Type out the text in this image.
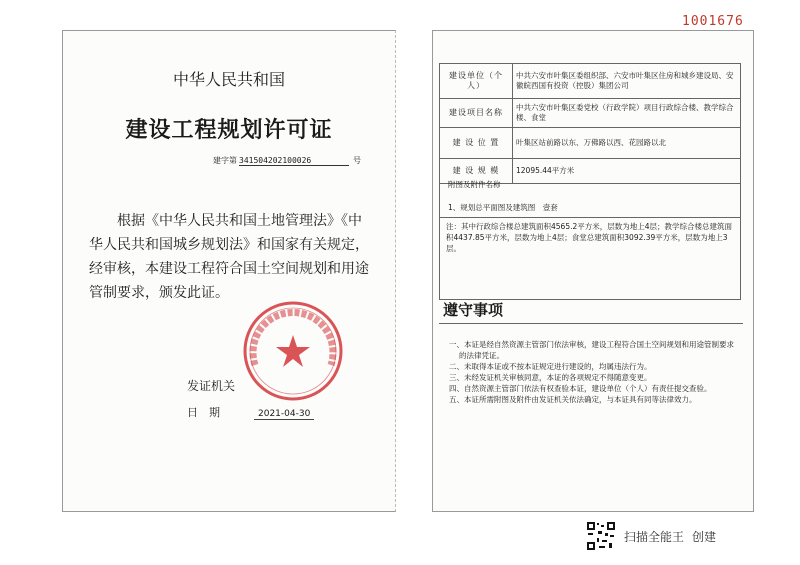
1001676
中华人民共和国
建设工程规划许可证
建字第 341504202100026	号
根据《中华人民共和国土地管理法》《中华人民共和国城乡规划法》和国家有关规定，经审核，本建设工程符合国土空间规划和用途管制要求，颁发此证。
发证机关
日　期	2021-04-30
建设单位（个人）	中共六安市叶集区委组织部、六安市叶集区住房和城乡建设局、安徽皖西国有投资（控股）集团公司
建设项目名称	中共六安市叶集区委党校（行政学院）项目行政综合楼、教学综合楼、食堂
建 设 位 置	叶集区站前路以东、万佛路以西、花园路以北
建 设 规 模	12095.44平方米
附图及附件名称
1、规划总平面图及建筑图　壹套
注：其中行政综合楼总建筑面积4565.2平方米，层数为地上4层；教学综合楼总建筑面积4437.85平方米，层数为地上4层；食堂总建筑面积3092.39平方米，层数为地上3层。
遵守事项
一、本证是经自然资源主管部门依法审核，建设工程符合国土空间规划和用途管制要求的法律凭证。
二、未取得本证或不按本证规定进行建设的，均属违法行为。
三、未经发证机关审核同意，本证的各项规定不得随意变更。
四、自然资源主管部门依法有权查验本证，建设单位（个人）有责任提交查验。
五、本证所需附图及附件由发证机关依法确定，与本证具有同等法律效力。
扫描全能王 创建
